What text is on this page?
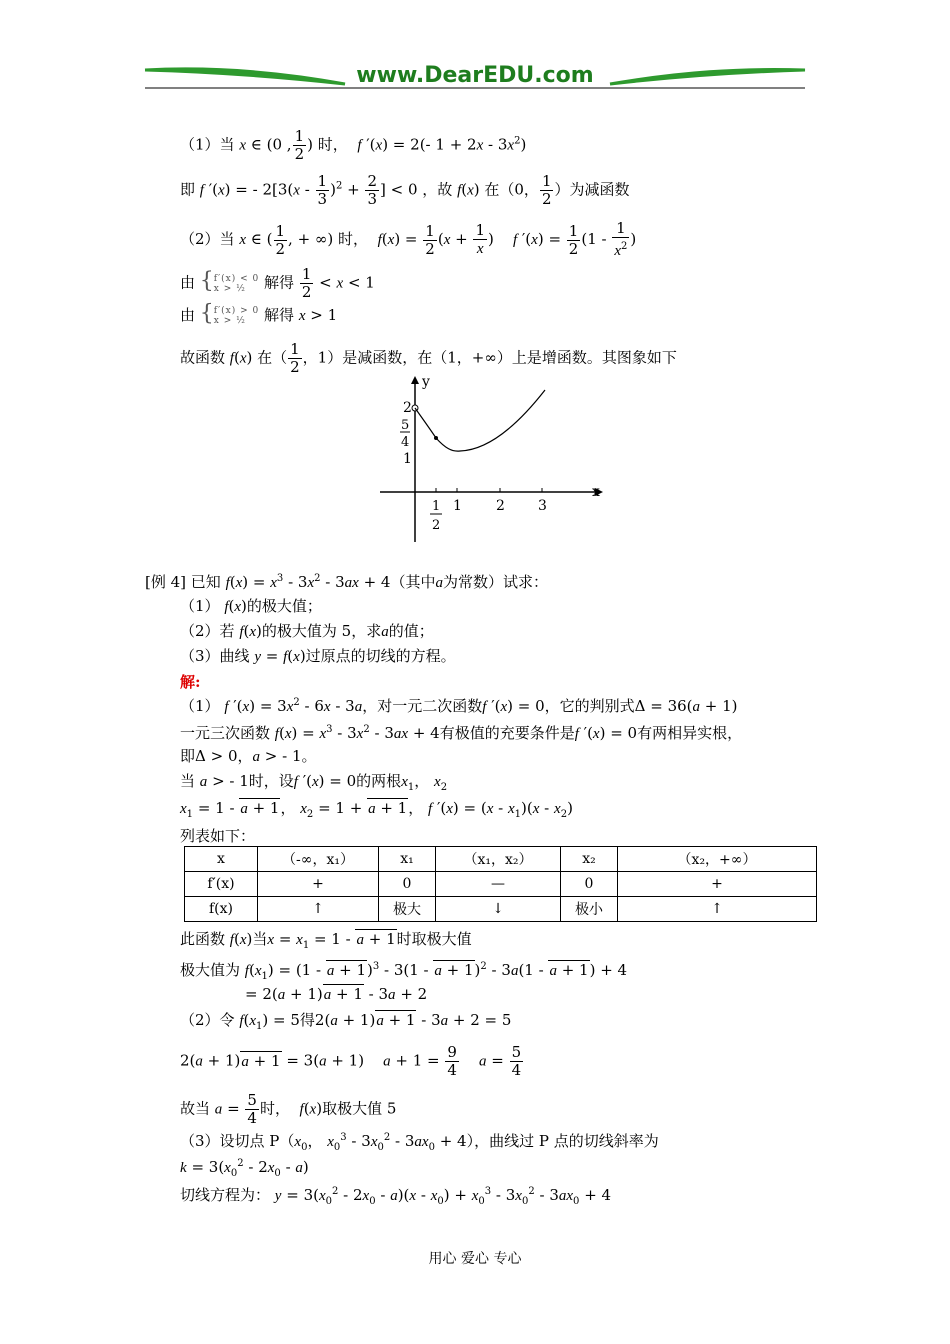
www.DearEDU.com
（1）当 x ∈ (0 , $\frac{1}{2}$ ) 时， f ′(x) = 2(- $1 + 2x - 3x^2$)
即 f ′(x) = - $2[3(x - \frac{1}{3} )^2 + \frac{2}{3}$ ] < 0 ，故 f(x) 在（0， $\frac{1}{2}$ ）为减函数
（2）当 x ∈ ( $\frac{1}{2}$ , + ∞) 时， $f(x) = \frac{1}{2} (x + \frac{1}{x}$ )    f $'(x) = \frac{1}{2} (1 - \frac{1}{x^2}$ )
由 {f′(x) < 0
x > ½ 解得 $\frac{1}{2} < x < 1$
由 {f′(x) > 0
x > ½ 解得 x > 1
故函数 f(x) 在（ $\frac{1}{2}$ ，1）是减函数，在（1，+∞）上是增函数。其图象如下
y
x
2
5
4
1
1
2
1 2 3
[例 4] 已知 $f(x) = x^3 - 3x^2 - 3ax + 4$（其中a为常数）试求：
（1） f(x)的极大值；
（2）若 f(x)的极大值为 5，求a的值；
（3）曲线 y = f(x)过原点的切线的方程。
解:
（1） f $'(x) = 3x^2 - 6x - 3a$，对一元二次函数f ′(x) = 0，它的判别式Δ = 36(a + 1)
一元三次函数 $f(x) = x^3 - 3x^2 - 3ax + 4$有极值的充要条件是f ′(x) = 0有两相异实根，
即Δ > 0，a > - 1。
当 a > - 1时，设f ′(x) = 0的两根$x_1$， $x_2$
$x_1 = 1 - a + 1$， $x_2 = 1 + a + 1$， f $'(x) = (x - x_1)(x - x_2)$
列表如下：
x	（-∞，x₁）	x₁	（x₁，x₂）	x₂	（x₂，+∞）
f′(x)	+	0	—	0	+
f(x)	↑	极大	↓	极小	↑
此函数 f(x)当$x = x_1 = 1 - a + 1$时取极大值
极大值为 $f(x_1) = (1 - a + 1)^3 - 3(1 - a + 1)^2 - 3a(1 - a + 1) + 4$
= 2(a + 1)a + 1 - 3a + 2
（2）令 $f(x_1) = 5$得2(a + 1)a + 1 - 3a + 2 = 5
2(a + 1)a + 1 = 3(a + 1)    $a + 1 = \frac{9}{4}$ $a = \frac{5}{4}$
故当 $a = \frac{5}{4}$ 时， f(x)取极大值 5
（3）设切点 $P(x_0$， $x_0^3 - 3x_0^2 - 3ax_0 + 4$），曲线过 P 点的切线斜率为
$k = 3(x_0^2 - 2x_0 - a)$
切线方程为： $y = 3(x_0^2 - 2x_0 - a)(x - x_0) + x_0^3 - 3x_0^2 - 3ax_0 + 4$
用心 爱心 专心
